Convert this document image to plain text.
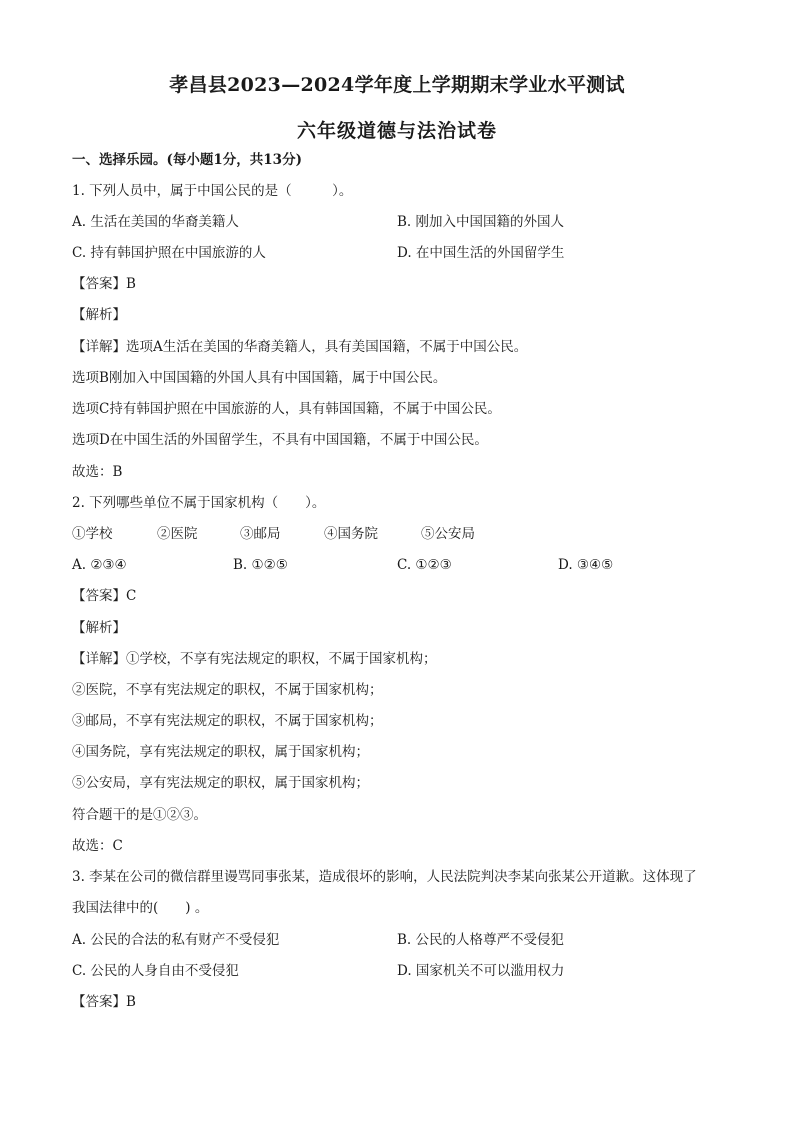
孝昌县2023—2024学年度上学期期末学业水平测试
六年级道德与法治试卷
一、选择乐园。(每小题1分，共13分)
1. 下列人员中，属于中国公民的是（　　　）。
A. 生活在美国的华裔美籍人	B. 刚加入中国国籍的外国人
C. 持有韩国护照在中国旅游的人	D. 在中国生活的外国留学生
【答案】B
【解析】
【详解】选项A生活在美国的华裔美籍人，具有美国国籍，不属于中国公民。
选项B刚加入中国国籍的外国人具有中国国籍，属于中国公民。
选项C持有韩国护照在中国旅游的人，具有韩国国籍，不属于中国公民。
选项D在中国生活的外国留学生，不具有中国国籍，不属于中国公民。
故选：B
2. 下列哪些单位不属于国家机构（　　）。
①学校	②医院	③邮局	④国务院	⑤公安局
A. ②③④	B. ①②⑤	C. ①②③	D. ③④⑤
【答案】C
【解析】
【详解】①学校，不享有宪法规定的职权，不属于国家机构；
②医院，不享有宪法规定的职权，不属于国家机构；
③邮局，不享有宪法规定的职权，不属于国家机构；
④国务院，享有宪法规定的职权，属于国家机构；
⑤公安局，享有宪法规定的职权，属于国家机构；
符合题干的是①②③。
故选：C
3. 李某在公司的微信群里谩骂同事张某，造成很坏的影响，人民法院判决李某向张某公开道歉。这体现了
我国法律中的(　　) 。
A. 公民的合法的私有财产不受侵犯	B. 公民的人格尊严不受侵犯
C. 公民的人身自由不受侵犯	D. 国家机关不可以滥用权力
【答案】B
